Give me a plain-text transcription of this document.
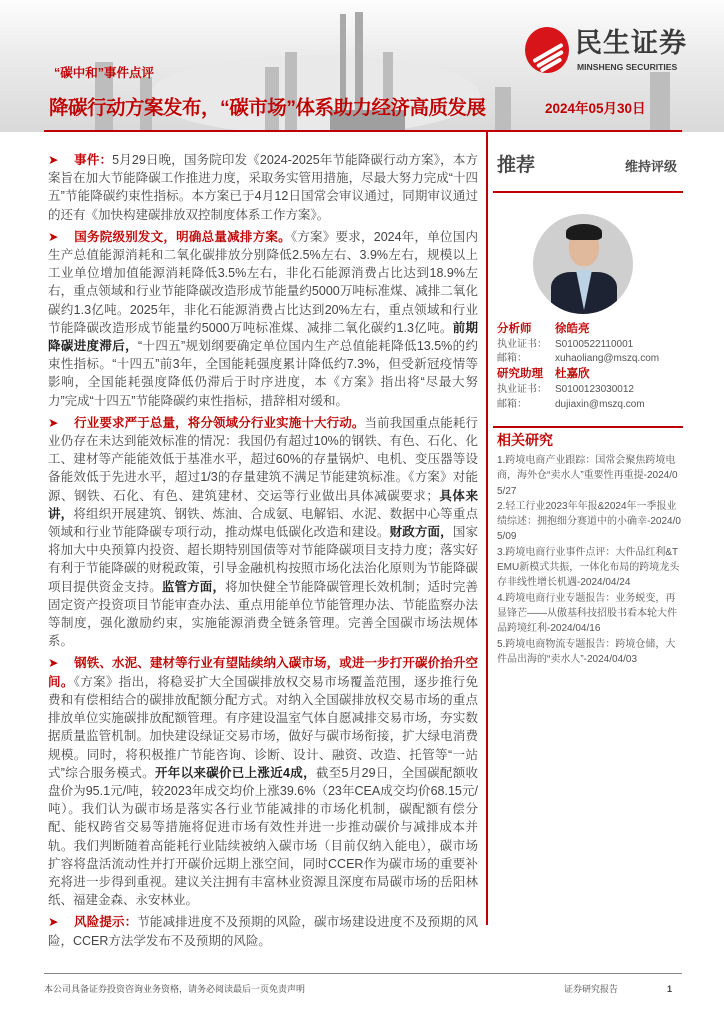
民生证券
MINSHENG SECURITIES
“碳中和”事件点评
降碳行动方案发布，“碳市场”体系助力经济高质发展	2024年05月30日

➤ 事件：5月29日晚，国务院印发《2024-2025年节能降碳行动方案》，本方案旨在加大节能降碳工作推进力度，采取务实管用措施，尽最大努力完成“十四五”节能降碳约束性指标。本方案已于4月12日国常会审议通过，同期审议通过的还有《加快构建碳排放双控制度体系工作方案》。

➤ 国务院级别发文，明确总量减排方案。《方案》要求，2024年，单位国内生产总值能源消耗和二氧化碳排放分别降低2.5%左右、3.9%左右，规模以上工业单位增加值能源消耗降低3.5%左右，非化石能源消费占比达到18.9%左右，重点领域和行业节能降碳改造形成节能量约5000万吨标准煤、减排二氧化碳约1.3亿吨。2025年，非化石能源消费占比达到20%左右，重点领域和行业节能降碳改造形成节能量约5000万吨标准煤、减排二氧化碳约1.3亿吨。前期降碳进度滞后，“十四五”规划纲要确定单位国内生产总值能耗降低13.5%的约束性指标。“十四五”前3年，全国能耗强度累计降低约7.3%，但受新冠疫情等影响，全国能耗强度降低仍滞后于时序进度，本《方案》指出将“尽最大努力”完成“十四五”节能降碳约束性指标，措辞相对缓和。

➤ 行业要求严于总量，将分领域分行业实施十大行动。当前我国重点能耗行业仍存在未达到能效标准的情况：我国仍有超过10%的钢铁、有色、石化、化工、建材等产能能效低于基准水平，超过60%的存量锅炉、电机、变压器等设备能效低于先进水平，超过1/3的存量建筑不满足节能建筑标准。《方案》对能源、钢铁、石化、有色、建筑建材、交运等行业做出具体减碳要求；具体来讲，将组织开展建筑、钢铁、炼油、合成氨、电解铝、水泥、数据中心等重点领域和行业节能降碳专项行动，推动煤电低碳化改造和建设。财政方面，国家将加大中央预算内投资、超长期特别国债等对节能降碳项目支持力度；落实好有利于节能降碳的财税政策，引导金融机构按照市场化法治化原则为节能降碳项目提供资金支持。监管方面，将加快健全节能降碳管理长效机制；适时完善固定资产投资项目节能审查办法、重点用能单位节能管理办法、节能监察办法等制度，强化激励约束，实施能源消费全链条管理。完善全国碳市场法规体系。

➤ 钢铁、水泥、建材等行业有望陆续纳入碳市场，或进一步打开碳价抬升空间。《方案》指出，将稳妥扩大全国碳排放权交易市场覆盖范围，逐步推行免费和有偿相结合的碳排放配额分配方式。对纳入全国碳排放权交易市场的重点排放单位实施碳排放配额管理。有序建设温室气体自愿减排交易市场，夯实数据质量监管机制。加快建设绿证交易市场，做好与碳市场衔接，扩大绿电消费规模。同时，将积极推广节能咨询、诊断、设计、融资、改造、托管等“一站式”综合服务模式。开年以来碳价已上涨近4成，截至5月29日，全国碳配额收盘价为95.1元/吨，较2023年成交均价上涨39.6%（23年CEA成交均价68.15元/吨）。我们认为碳市场是落实各行业节能减排的市场化机制，碳配额有偿分配、能权跨省交易等措施将促进市场有效性并进一步推动碳价与减排成本并轨。我们判断随着高能耗行业陆续被纳入碳市场（目前仅纳入能电），碳市场扩容将盘活流动性并打开碳价远期上涨空间，同时CCER作为碳市场的重要补充将进一步得到重视。建议关注拥有丰富林业资源且深度布局碳市场的岳阳林纸、福建金森、永安林业。

➤ 风险提示：节能减排进度不及预期的风险，碳市场建设进度不及预期的风险，CCER方法学发布不及预期的风险。

推荐	维持评级
分析师 徐皓亮
执业证书： S0100522110001
邮箱：	xuhaoliang@mszq.com
研究助理 杜嘉欣
执业证书： S0100123030012
邮箱：	dujiaxin@mszq.com
相关研究
1.跨境电商产业跟踪：国常会聚焦跨境电商，海外仓“卖水人”重要性再重提-2024/05/27
2.轻工行业2023年年报&2024年一季报业绩综述：拥抱细分赛道中的小确幸-2024/05/09
3.跨境电商行业事件点评：大件品红利&TEMU新模式共振，一体化布局的跨境龙头存非线性增长机遇-2024/04/24
4.跨境电商行业专题报告：业务蜕变，再显锋芒——从傲基科技招股书看本轮大件品跨境红利-2024/04/16
5.跨境电商物流专题报告：跨境仓储，大件品出海的“卖水人”-2024/04/03
本公司具备证券投资咨询业务资格，请务必阅读最后一页免责声明	证券研究报告	1
